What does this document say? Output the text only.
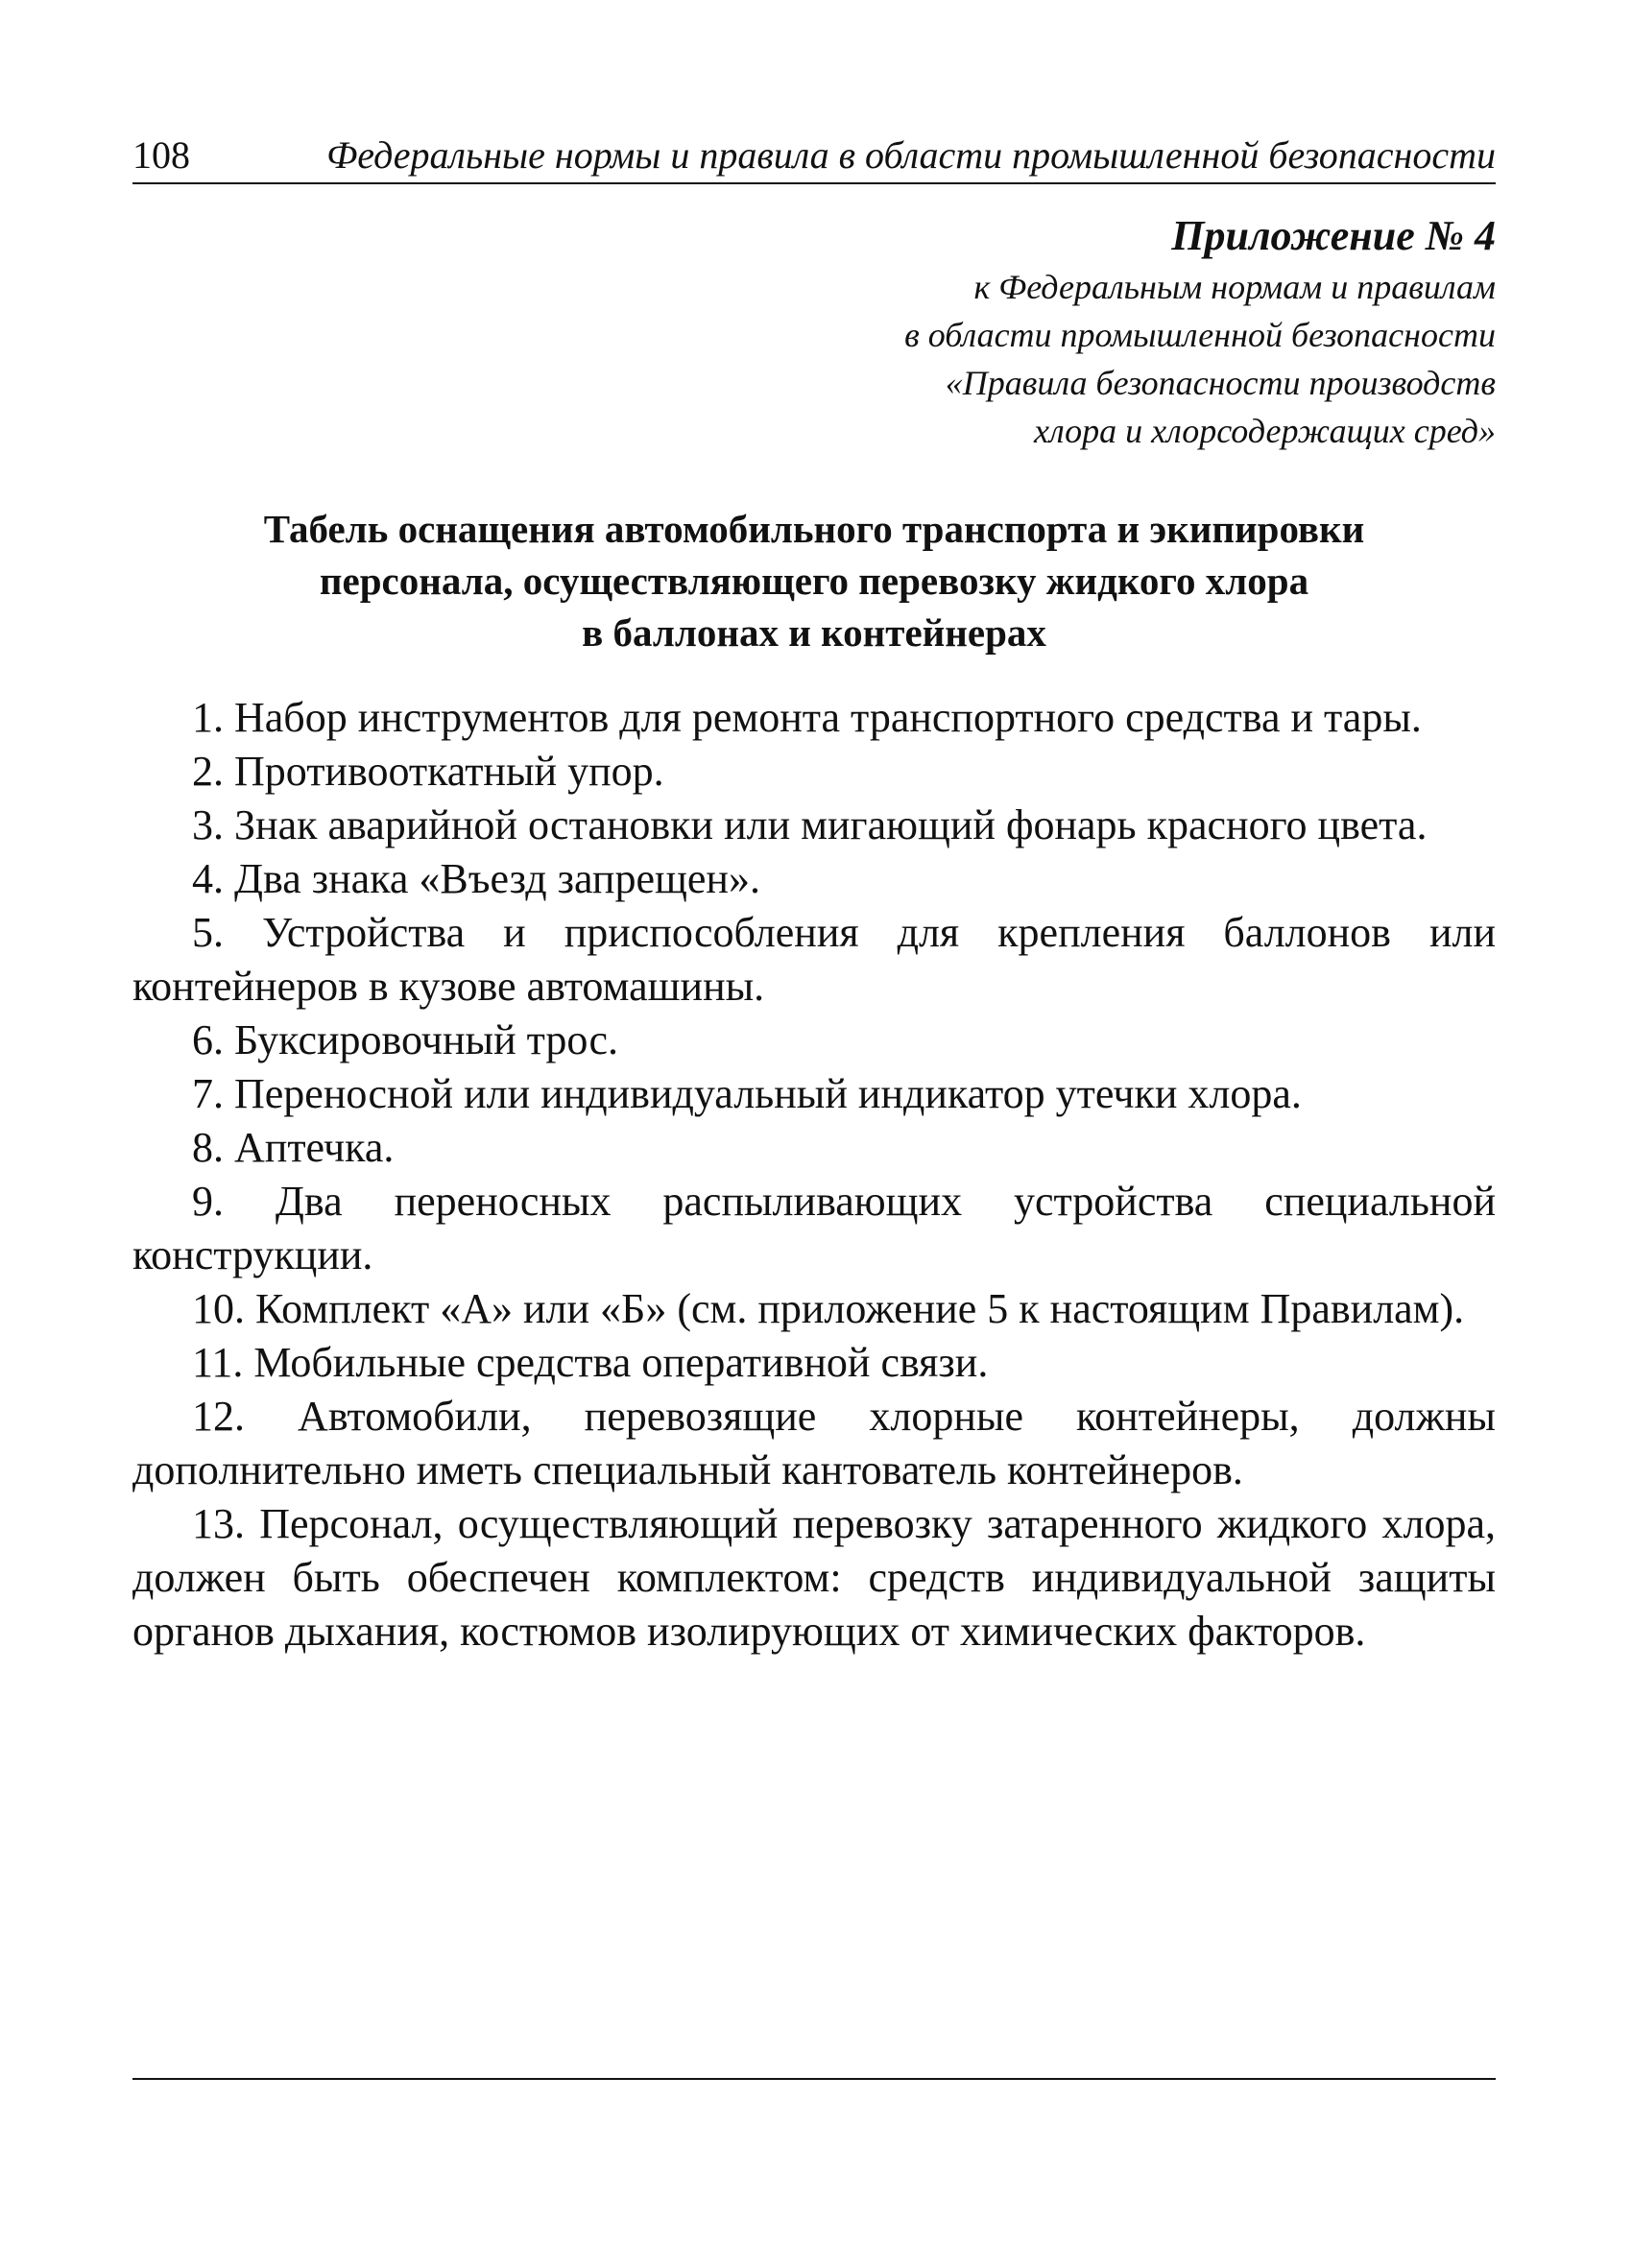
108	Федеральные нормы и правила в области промышленной безопасности
Приложение № 4
к Федеральным нормам и правилам
в области промышленной безопасности
«Правила безопасности производств
хлора и хлорсодержащих сред»
Табель оснащения автомобильного транспорта и экипировки
персонала, осуществляющего перевозку жидкого хлора
в баллонах и контейнерах

1. Набор инструментов для ремонта транспортного средства и тары.

2. Противооткатный упор.

3. Знак аварийной остановки или мигающий фонарь красного цвета.

4. Два знака «Въезд запрещен».

5. Устройства и приспособления для крепления баллонов или контейнеров в кузове автомашины.

6. Буксировочный трос.

7. Переносной или индивидуальный индикатор утечки хлора.

8. Аптечка.

9. Два переносных распыливающих устройства специальной конструкции.

10. Комплект «А» или «Б» (см. приложение 5 к настоящим Правилам).

11. Мобильные средства оперативной связи.

12. Автомобили, перевозящие хлорные контейнеры, должны дополнительно иметь специальный кантователь контейнеров.

13. Персонал, осуществляющий перевозку затаренного жидкого хлора, должен быть обеспечен комплектом: средств индивидуальной защиты органов дыхания, костюмов изолирующих от химических факторов.
